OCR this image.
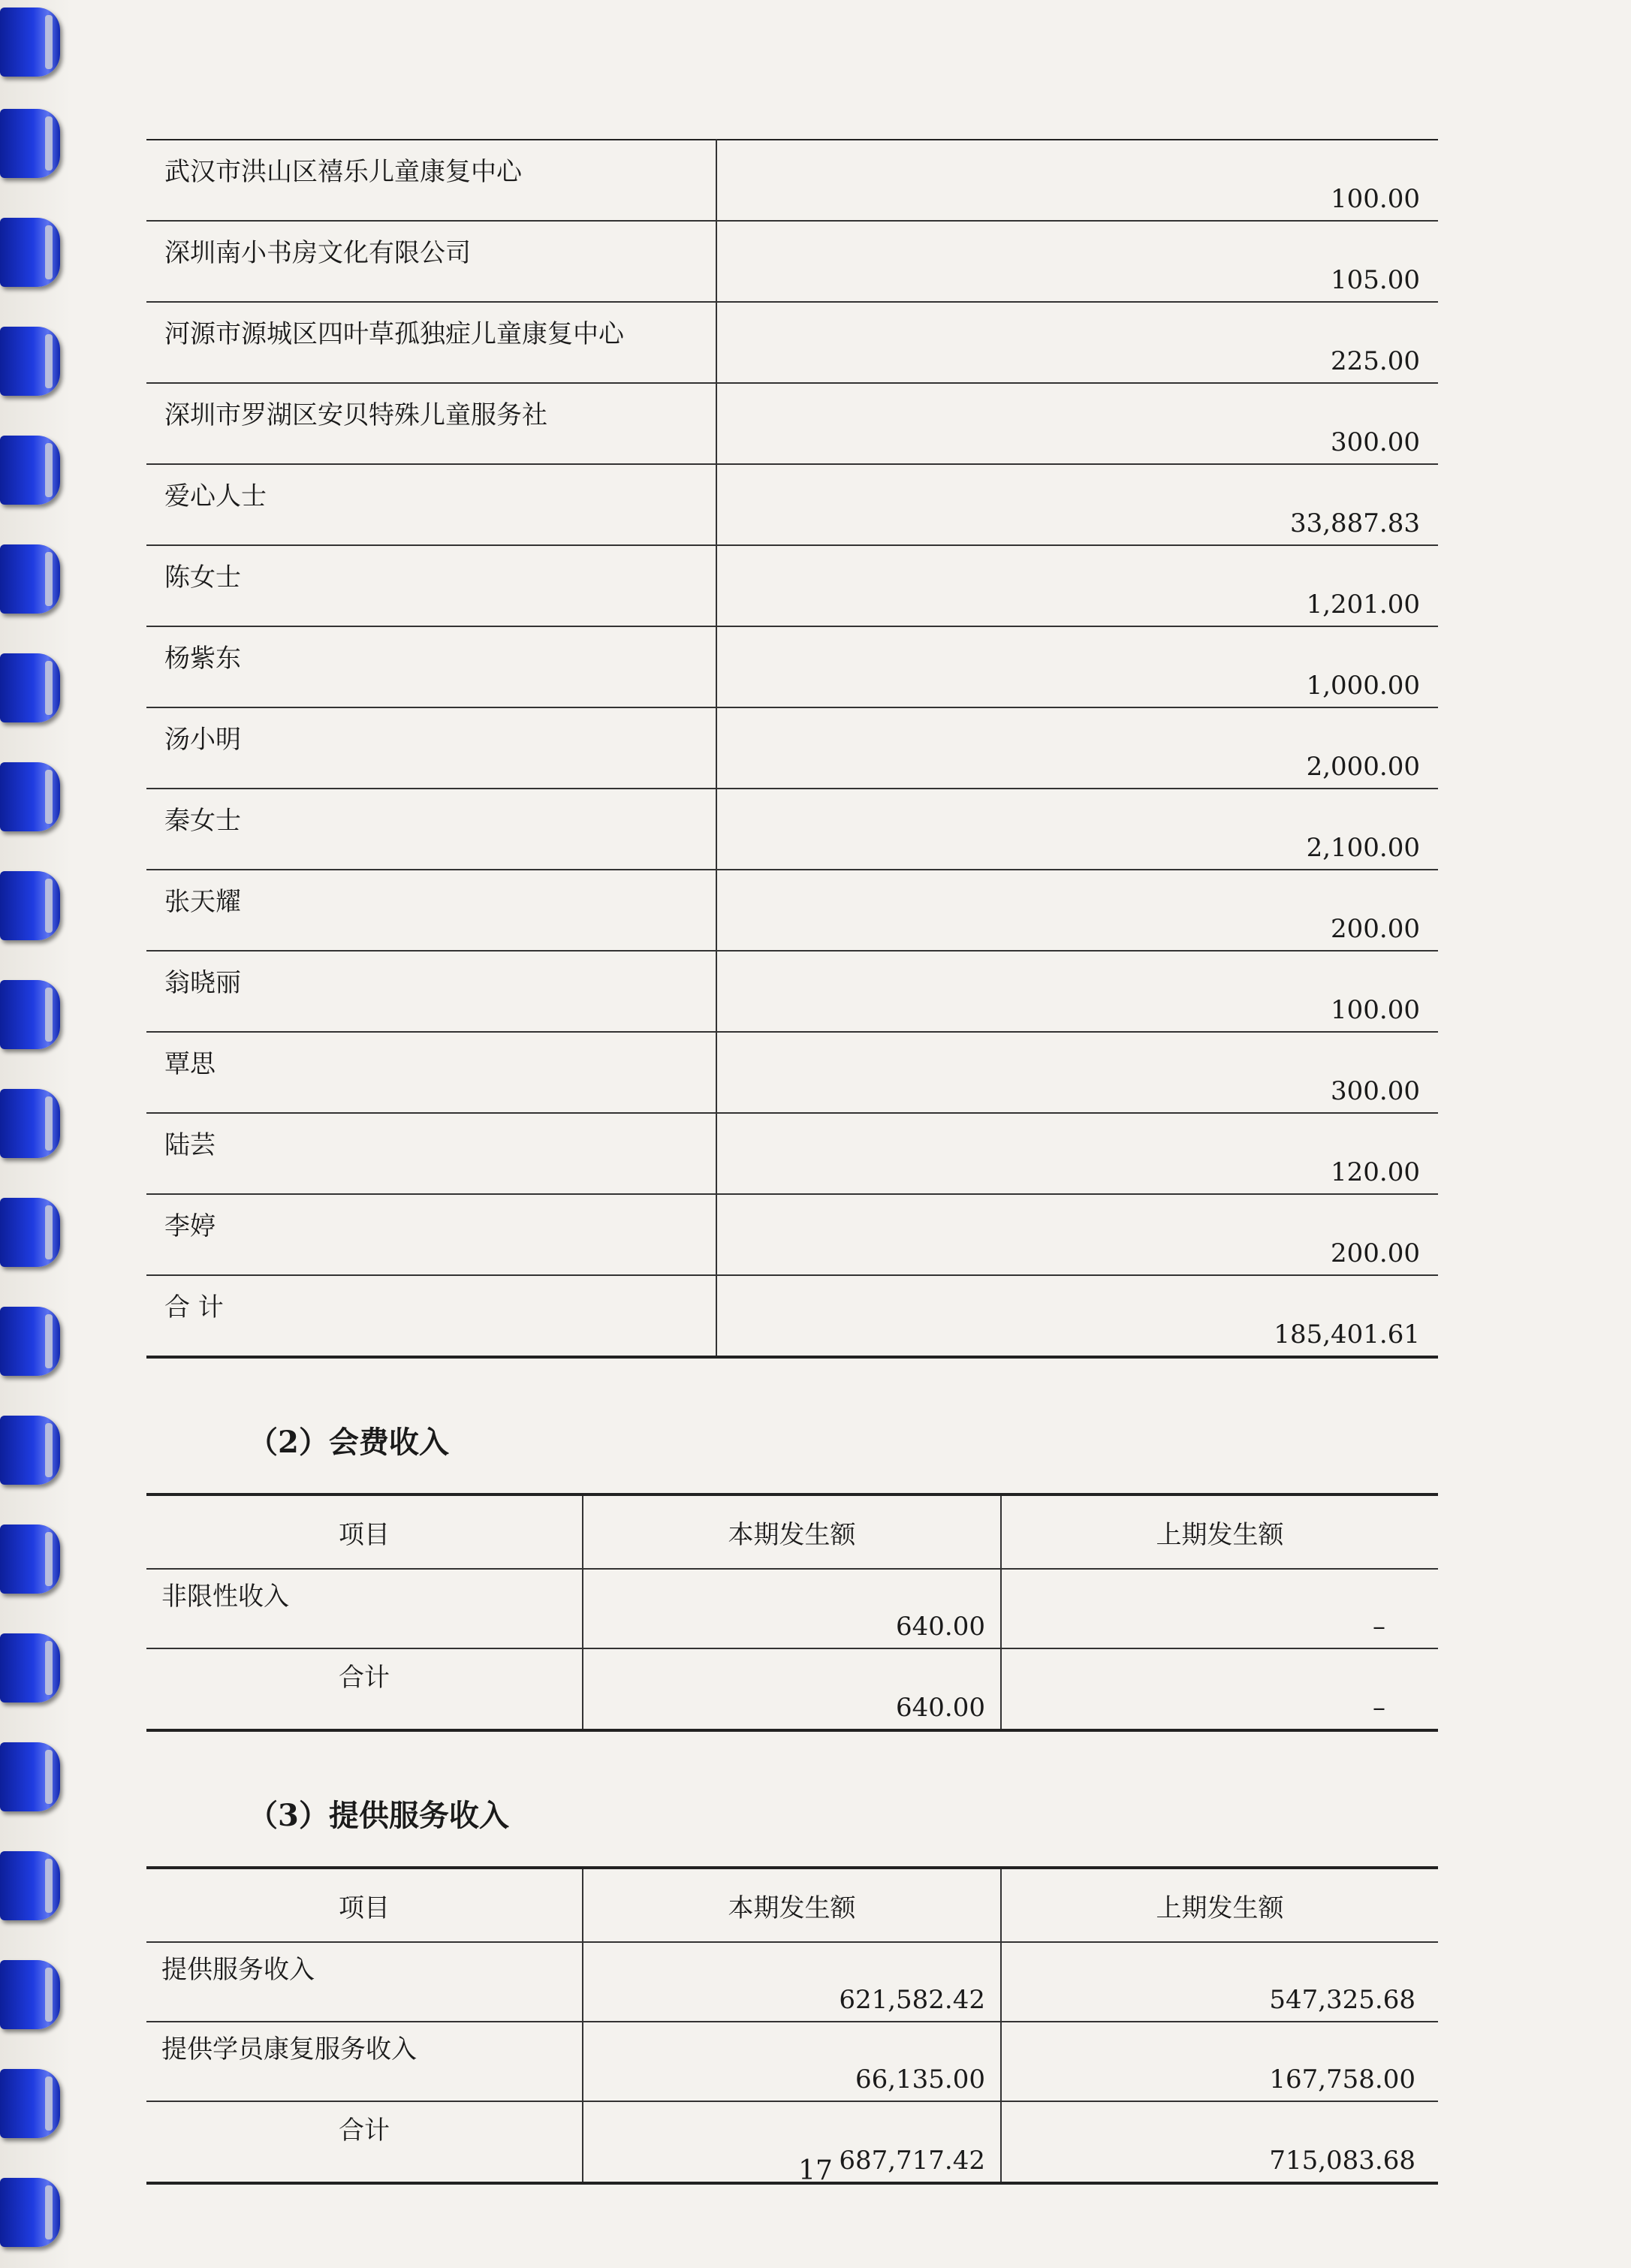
武汉市洪山区禧乐儿童康复中心	100.00
深圳南小书房文化有限公司	105.00
河源市源城区四叶草孤独症儿童康复中心	225.00
深圳市罗湖区安贝特殊儿童服务社	300.00
爱心人士	33,887.83
陈女士	1,201.00
杨紫东	1,000.00
汤小明	2,000.00
秦女士	2,100.00
张天耀	200.00
翁晓丽	100.00
覃思	300.00
陆芸	120.00
李婷	200.00
合 计	185,401.61
（2）会费收入
项目	本期发生额	上期发生额
非限性收入	640.00	–
合计	640.00	–
（3）提供服务收入
项目	本期发生额	上期发生额
提供服务收入	621,582.42	547,325.68
提供学员康复服务收入	66,135.00	167,758.00
合计	687,717.42	715,083.68
17
